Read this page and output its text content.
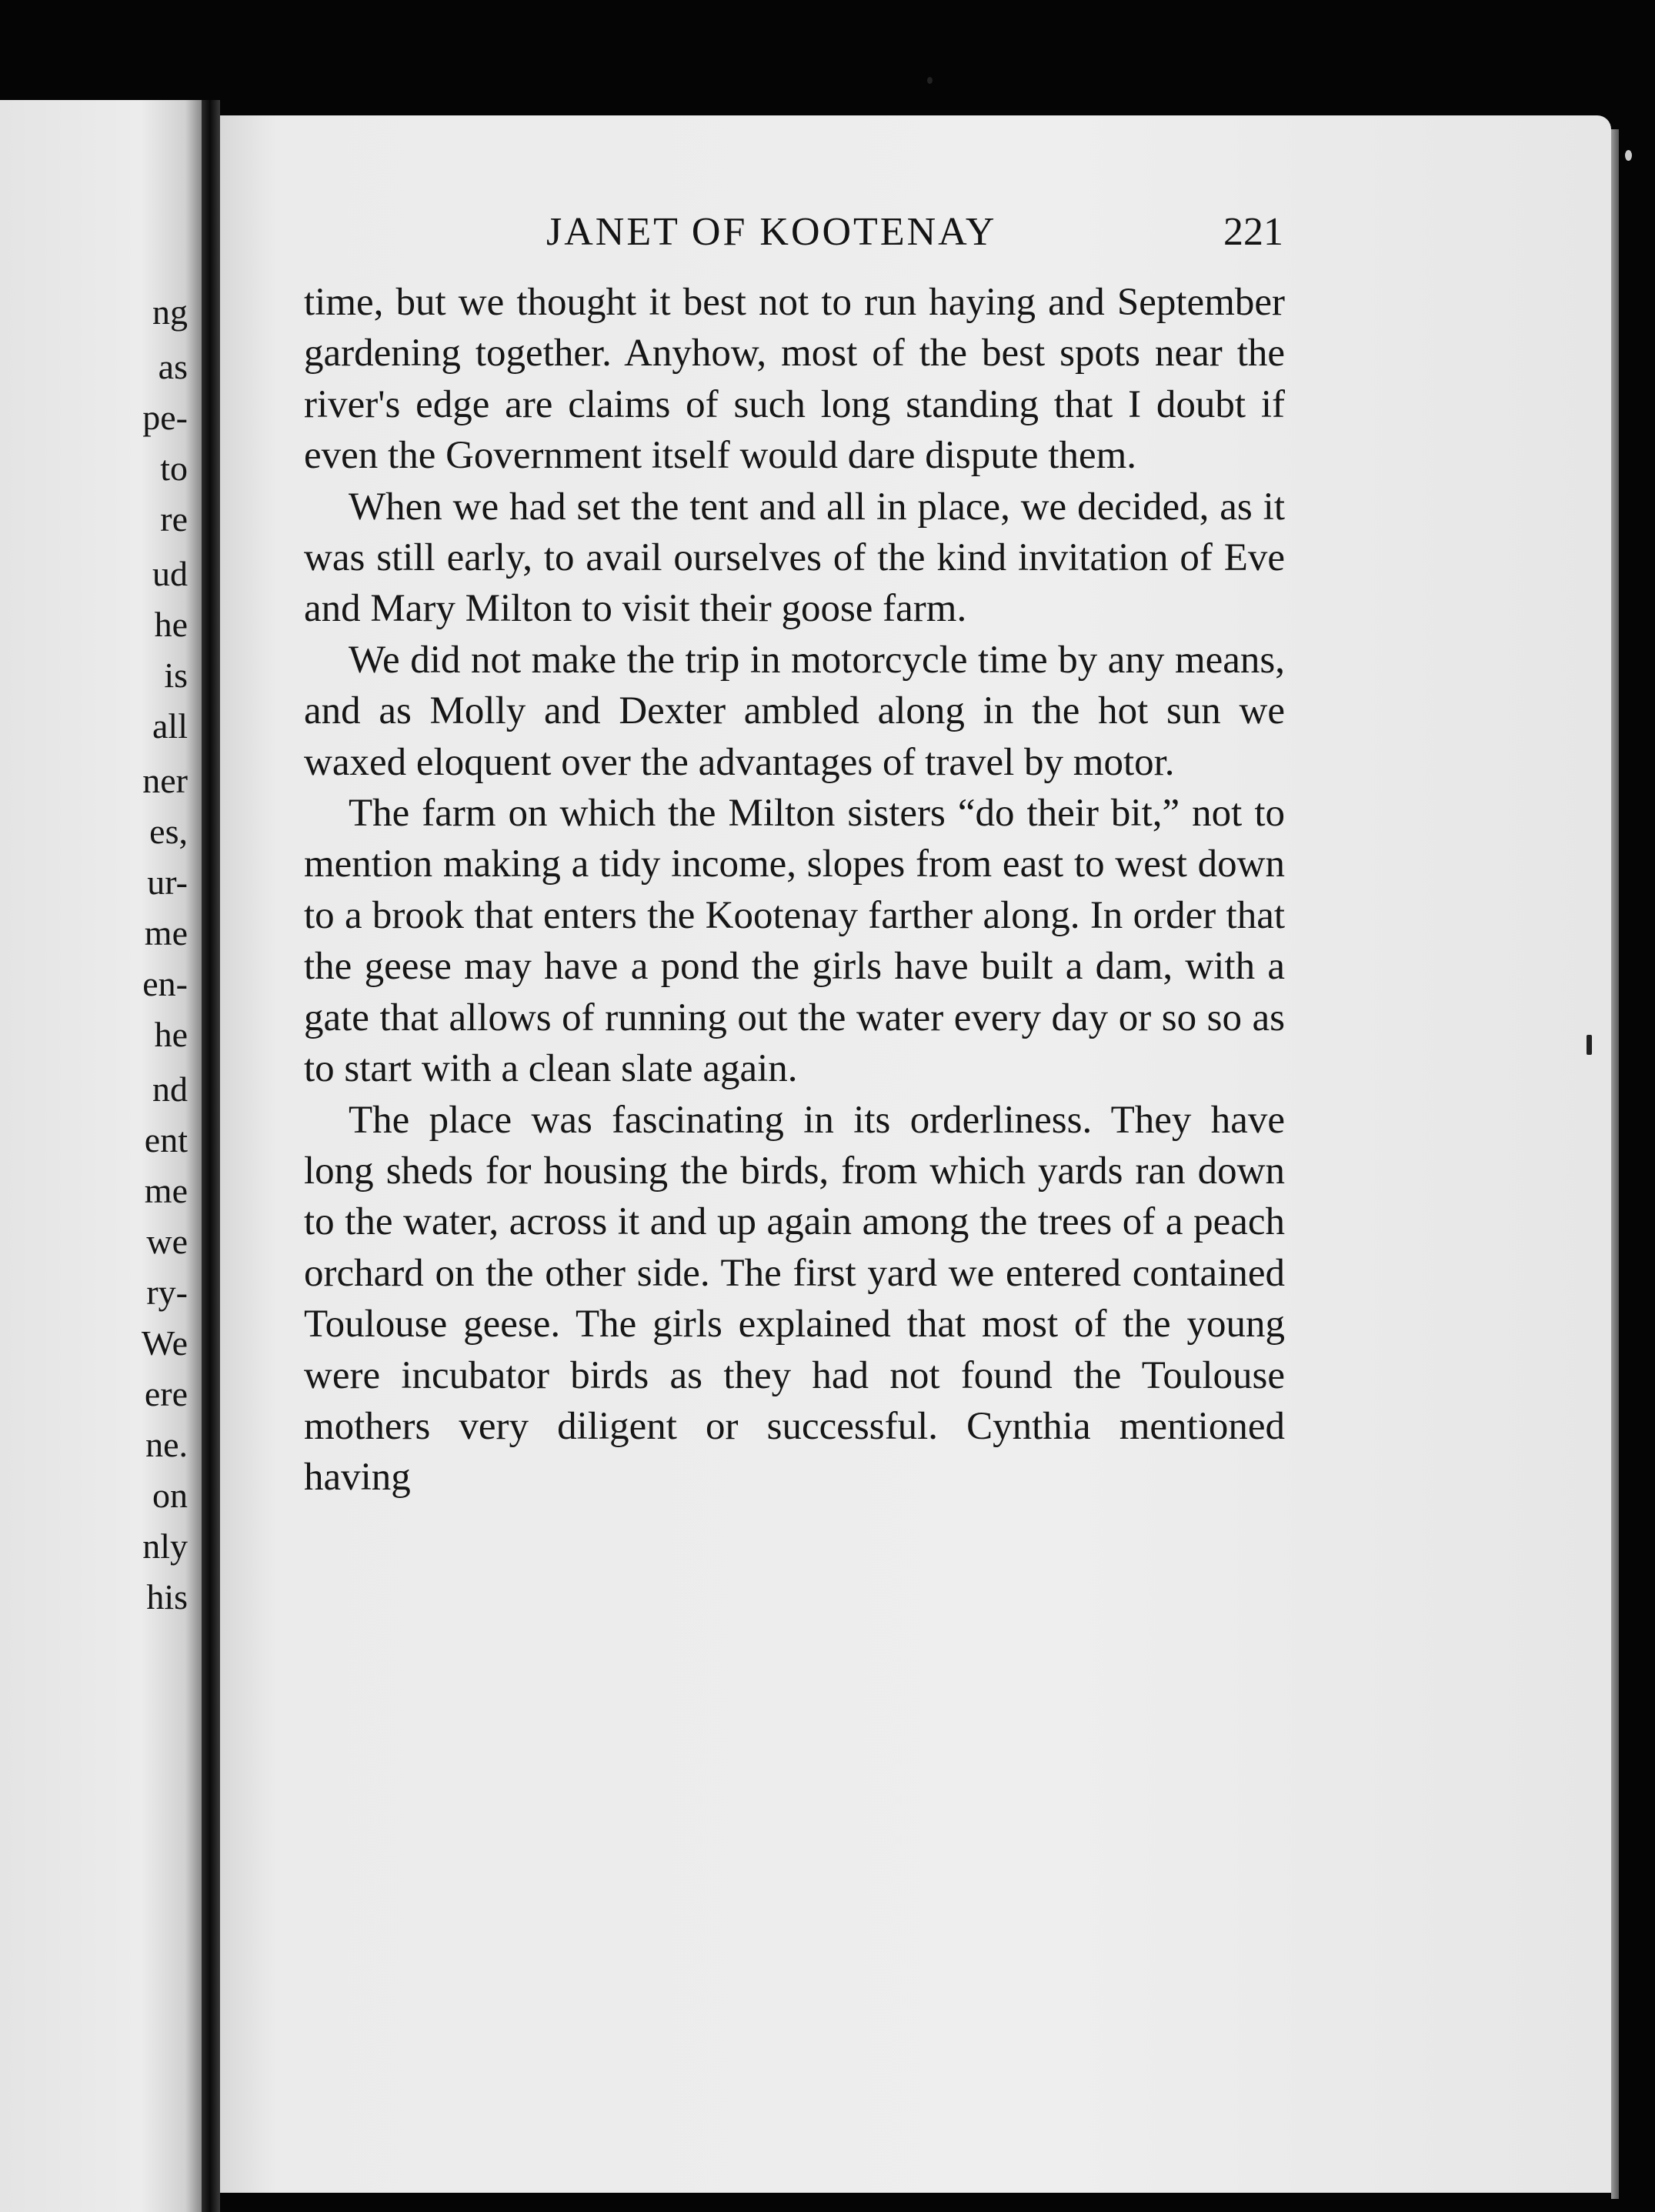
ng
as
pe-
to
re
ud
he
is
all
ner
es,
ur-
me
en-
he
nd
ent
me
we
ry-
We
ere
ne.
on
nly
his
JANET OF KOOTENAY	221

time, but we thought it best not to run haying and September gardening together. Anyhow, most of the best spots near the river's edge are claims of such long standing that I doubt if even the Government itself would dare dispute them.

When we had set the tent and all in place, we decided, as it was still early, to avail ourselves of the kind invitation of Eve and Mary Milton to visit their goose farm.

We did not make the trip in motorcycle time by any means, and as Molly and Dexter ambled along in the hot sun we waxed eloquent over the advantages of travel by motor.

The farm on which the Milton sisters “do their bit,” not to mention making a tidy income, slopes from east to west down to a brook that enters the Kootenay farther along. In order that the geese may have a pond the girls have built a dam, with a gate that allows of running out the water every day or so so as to start with a clean slate again.

The place was fascinating in its orderliness. They have long sheds for housing the birds, from which yards ran down to the water, across it and up again among the trees of a peach orchard on the other side. The first yard we entered contained Toulouse geese. The girls explained that most of the young were incubator birds as they had not found the Toulouse mothers very diligent or successful. Cynthia mentioned having
